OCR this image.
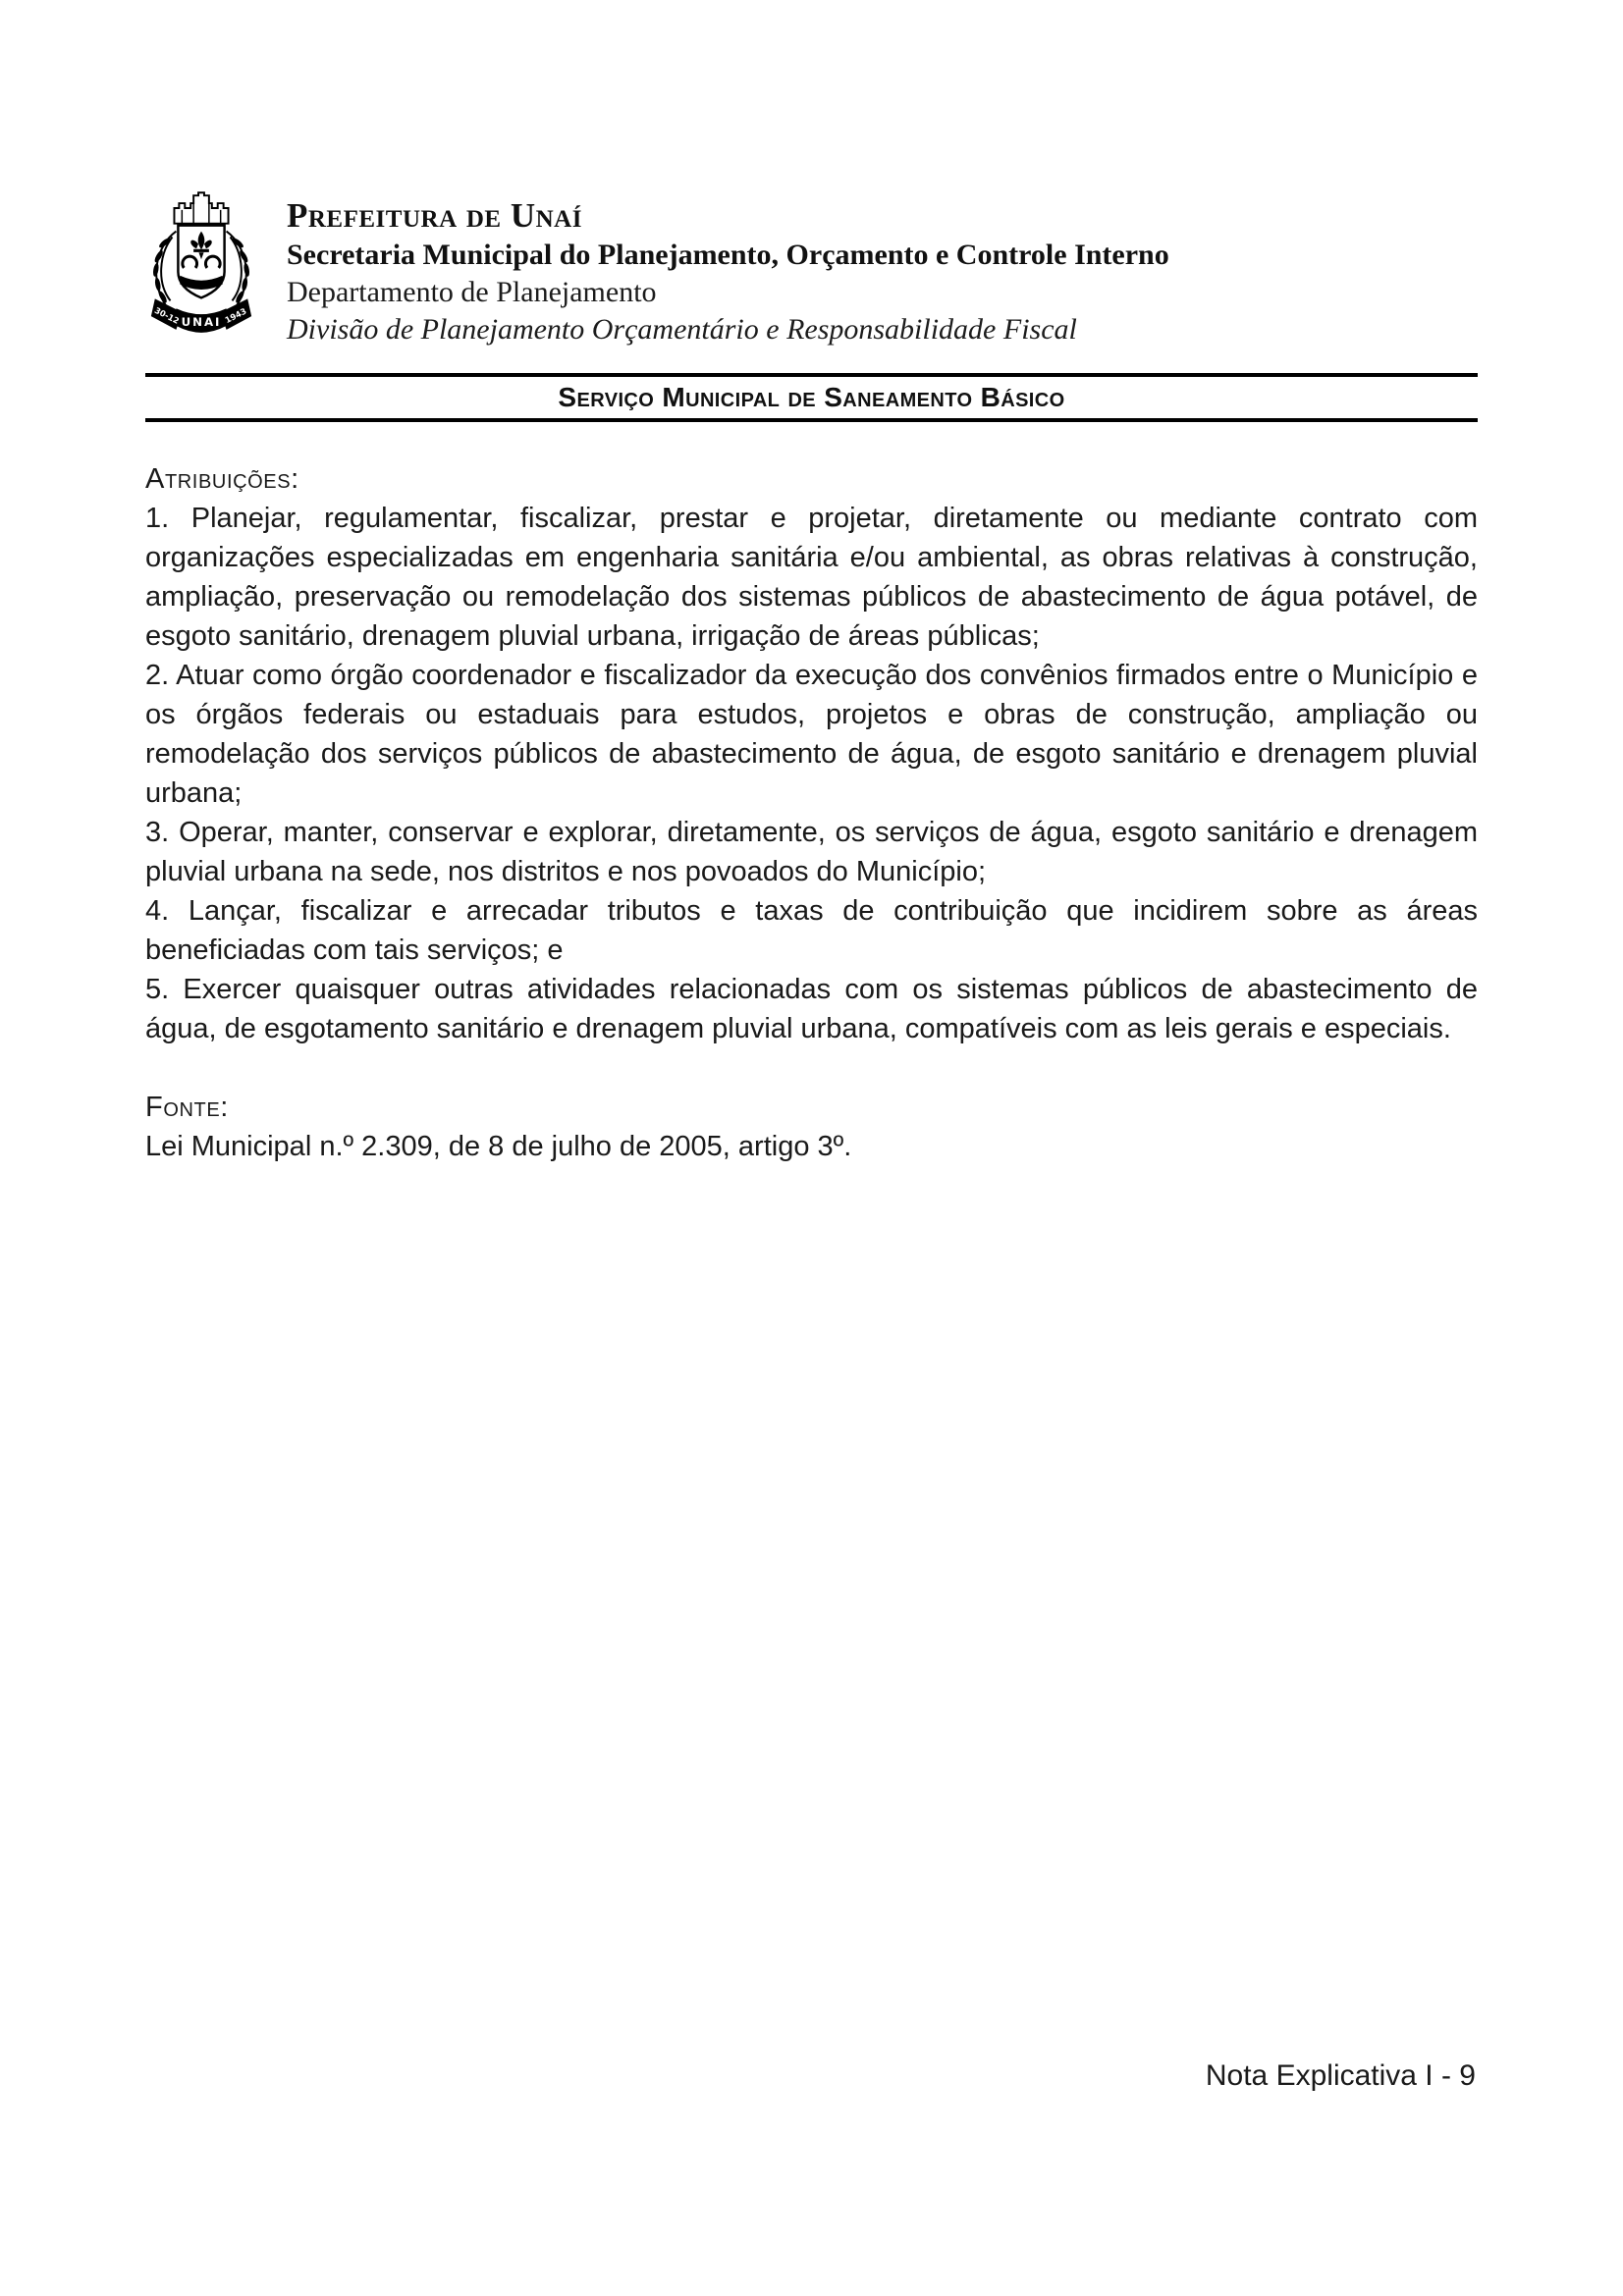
UNAI
30-12	1943
Prefeitura de Unaí
Secretaria Municipal do Planejamento, Orçamento e Controle Interno
Departamento de Planejamento
Divisão de Planejamento Orçamentário e Responsabilidade Fiscal
Serviço Municipal de Saneamento Básico
Atribuições:

1. Planejar, regulamentar, fiscalizar, prestar e projetar, diretamente ou mediante contrato com organizações especializadas em engenharia sanitária e/ou ambiental, as obras relativas à construção, ampliação, preservação ou remodelação dos sistemas públicos de abastecimento de água potável, de esgoto sanitário, drenagem pluvial urbana, irrigação de áreas públicas;

2. Atuar como órgão coordenador e fiscalizador da execução dos convênios firmados entre o Município e os órgãos federais ou estaduais para estudos, projetos e obras de construção, ampliação ou remodelação dos serviços públicos de abastecimento de água, de esgoto sanitário e drenagem pluvial urbana;

3. Operar, manter, conservar e explorar, diretamente, os serviços de água, esgoto sanitário e drenagem pluvial urbana na sede, nos distritos e nos povoados do Município;

4. Lançar, fiscalizar e arrecadar tributos e taxas de contribuição que incidirem sobre as áreas beneficiadas com tais serviços; e

5. Exercer quaisquer outras atividades relacionadas com os sistemas públicos de abastecimento de água, de esgotamento sanitário e drenagem pluvial urbana, compatíveis com as leis gerais e especiais.

Fonte:

Lei Municipal n.º 2.309, de 8 de julho de 2005, artigo 3º.

Nota Explicativa I - 9
